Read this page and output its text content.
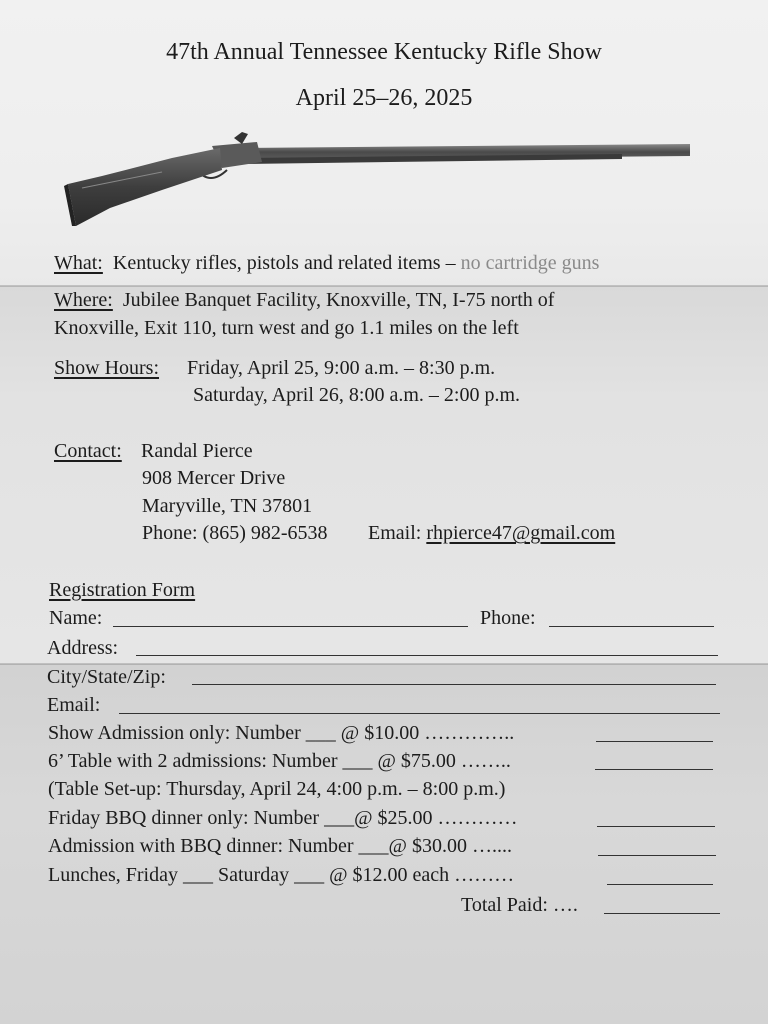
47th Annual Tennessee Kentucky Rifle Show
April 25–26, 2025
What: Kentucky rifles, pistols and related items – no cartridge guns
Where: Jubilee Banquet Facility, Knoxville, TN, I-75 north of
Knoxville, Exit 110, turn west and go 1.1 miles on the left
Show Hours: Friday, April 25, 9:00 a.m. – 8:30 p.m.
Saturday, April 26, 8:00 a.m. – 2:00 p.m.
Contact: Randal Pierce
908 Mercer Drive
Maryville, TN 37801
Phone: (865) 982-6538 Email: rhpierce47@gmail.com
Registration Form
Name:	Phone:
Address:
City/State/Zip:
Email:
Show Admission only: Number ___ @ $10.00 …………..
6’ Table with 2 admissions: Number ___ @ $75.00 ……..
(Table Set-up: Thursday, April 24, 4:00 p.m. – 8:00 p.m.)
Friday BBQ dinner only: Number ___@ $25.00 …………
Admission with BBQ dinner: Number ___@ $30.00 …....
Lunches, Friday ___ Saturday ___ @ $12.00 each ………
Total Paid: ….
